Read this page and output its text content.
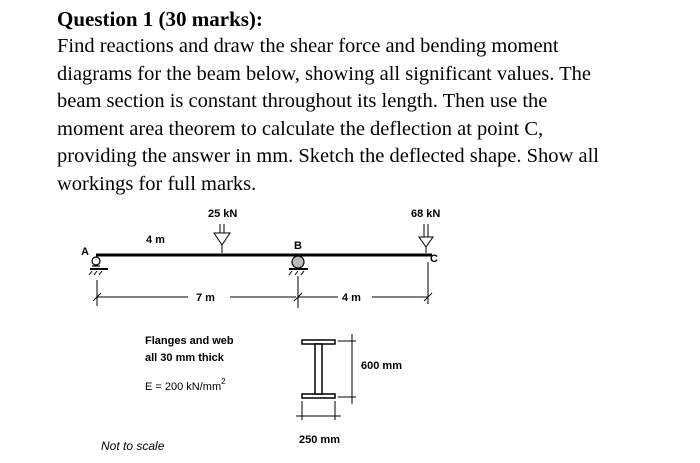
Question 1 (30 marks):
Find reactions and draw the shear force and bending moment
diagrams for the beam below, showing all significant values. The
beam section is constant throughout its length. Then use the
moment area theorem to calculate the deflection at point C,
providing the answer in mm. Sketch the deflected shape. Show all
workings for full marks.
A	B
C
25 kN	68 kN
4 m
7 m	4 m
Flanges and web
all 30 mm thick
E = 200 $kN/mm^2$
600 mm
250 mm
Not to scale
